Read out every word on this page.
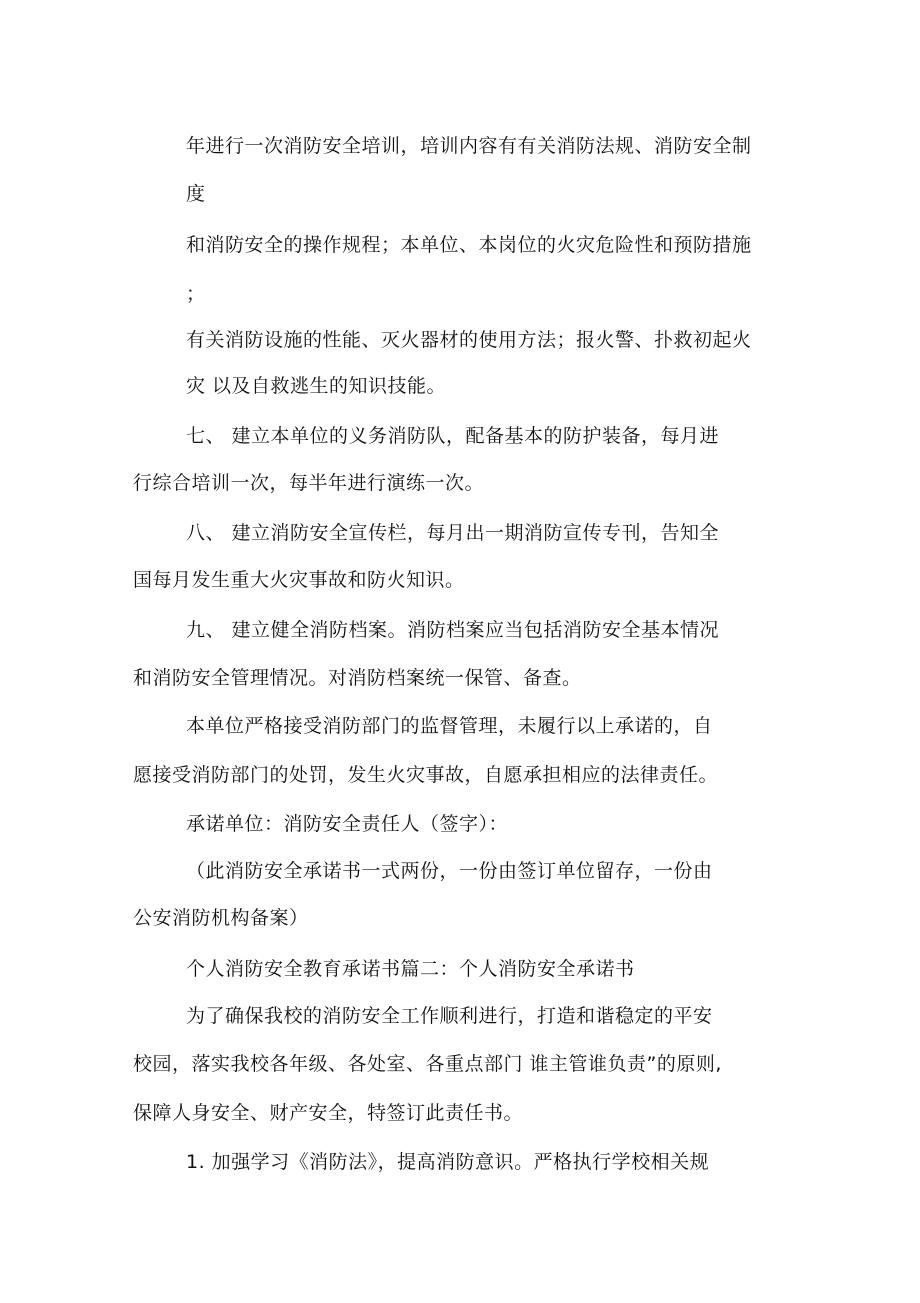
年进行一次消防安全培训，培训内容有有关消防法规、消防安全制
度
和消防安全的操作规程；本单位、本岗位的火灾危险性和预防措施
；
有关消防设施的性能、灭火器材的使用方法；报火警、扑救初起火
灾 以及自救逃生的知识技能。
七、 建立本单位的义务消防队，配备基本的防护装备，每月进
行综合培训一次，每半年进行演练一次。
八、 建立消防安全宣传栏，每月出一期消防宣传专刊，告知全
国每月发生重大火灾事故和防火知识。
九、 建立健全消防档案。消防档案应当包括消防安全基本情况
和消防安全管理情况。对消防档案统一保管、备查。
本单位严格接受消防部门的监督管理，未履行以上承诺的，自
愿接受消防部门的处罚，发生火灾事故，自愿承担相应的法律责任。
承诺单位：消防安全责任人（签字）：
（此消防安全承诺书一式两份，一份由签订单位留存，一份由
公安消防机构备案）
个人消防安全教育承诺书篇二：个人消防安全承诺书
为了确保我校的消防安全工作顺利进行，打造和谐稳定的平安
校园，落实我校各年级、各处室、各重点部门 谁主管谁负责”的原则,
保障人身安全、财产安全，特签订此责任书。
1. 加强学习《消防法》，提高消防意识。严格执行学校相关规
